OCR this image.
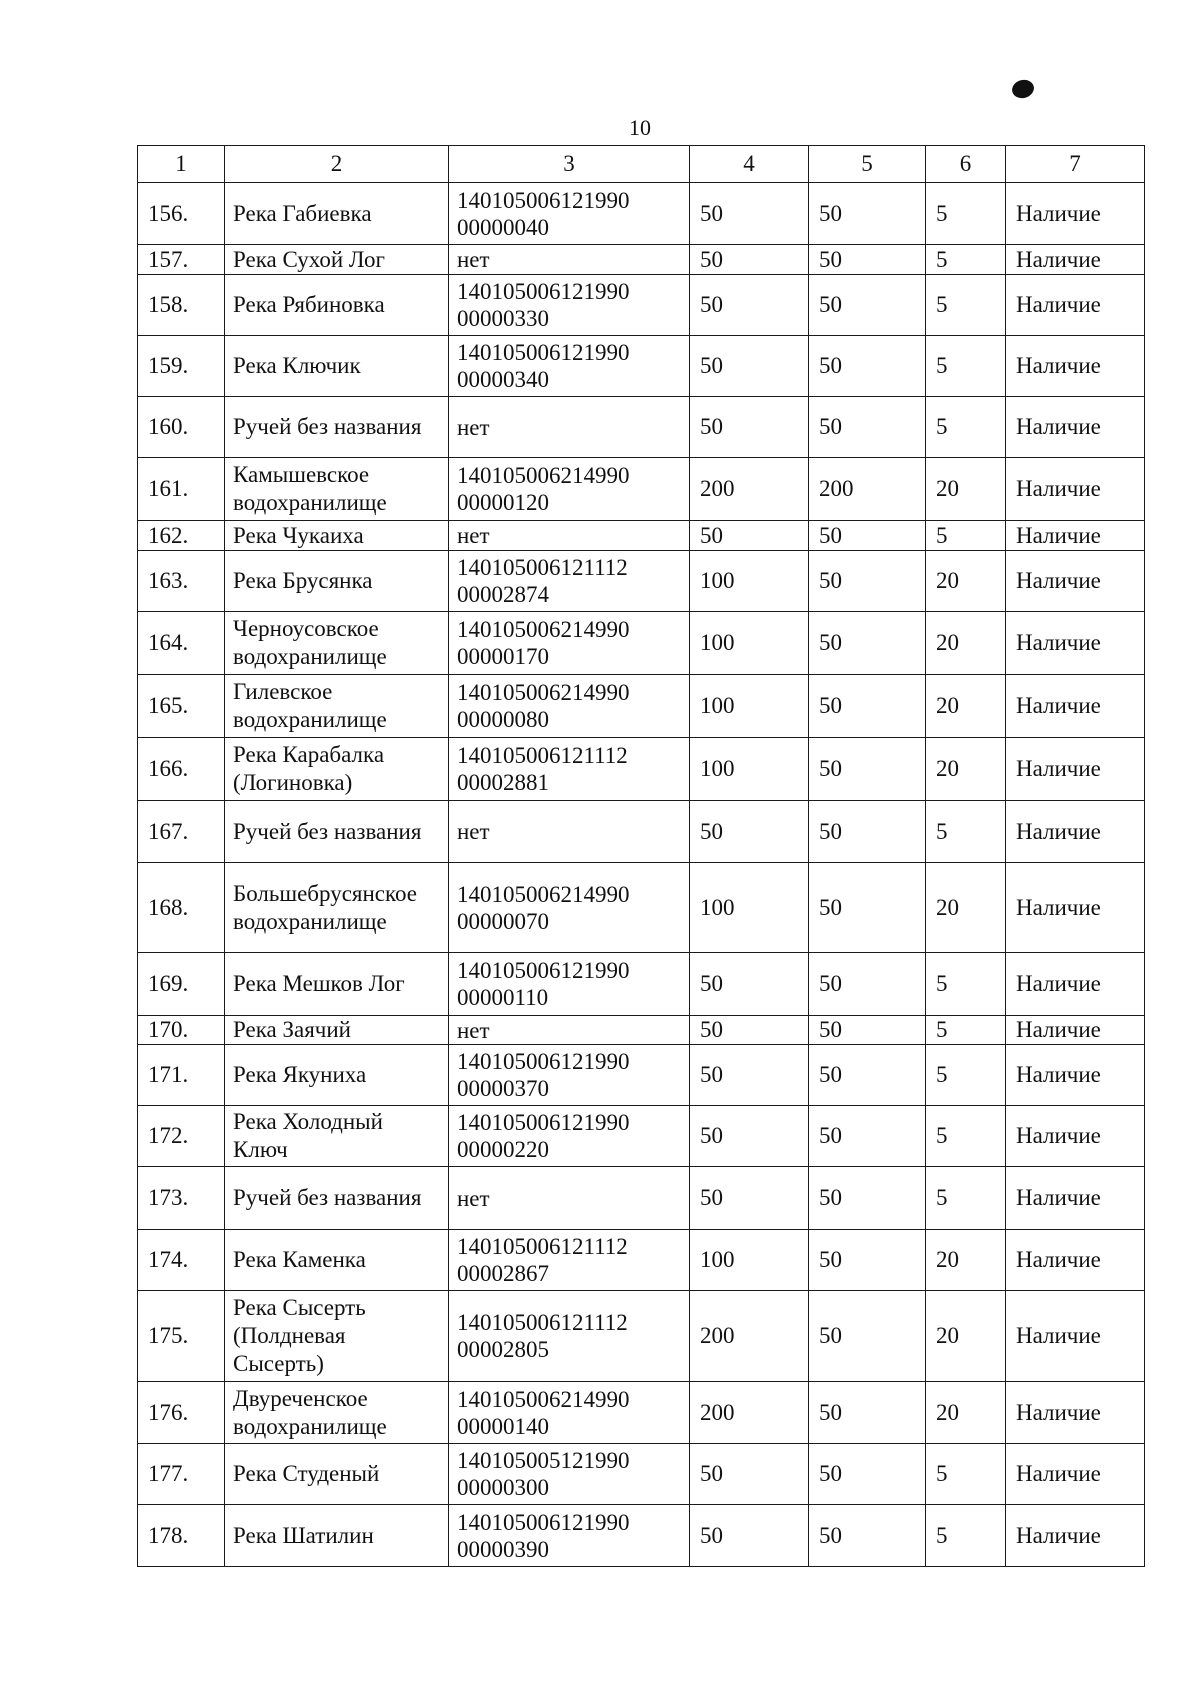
10
1	2	3	4	5	6	7
156.	Река Габиевка	140105006121990 00000040	50	50	5	Наличие
157.	Река Сухой Лог	нет	50	50	5	Наличие
158.	Река Рябиновка	140105006121990 00000330	50	50	5	Наличие
159.	Река Ключик	140105006121990 00000340	50	50	5	Наличие
160.	Ручей без названия	нет	50	50	5	Наличие
161.	Камышевское водохранилище	140105006214990 00000120	200	200	20	Наличие
162.	Река Чукаиха	нет	50	50	5	Наличие
163.	Река Брусянка	140105006121112 00002874	100	50	20	Наличие
164.	Черноусовское водохранилище	140105006214990 00000170	100	50	20	Наличие
165.	Гилевское водохранилище	140105006214990 00000080	100	50	20	Наличие
166.	Река Карабалка (Логиновка)	140105006121112 00002881	100	50	20	Наличие
167.	Ручей без названия	нет	50	50	5	Наличие
168.	Большебрусянское водохранилище	140105006214990 00000070	100	50	20	Наличие
169.	Река Мешков Лог	140105006121990 00000110	50	50	5	Наличие
170.	Река Заячий	нет	50	50	5	Наличие
171.	Река Якуниха	140105006121990 00000370	50	50	5	Наличие
172.	Река Холодный Ключ	140105006121990 00000220	50	50	5	Наличие
173.	Ручей без названия	нет	50	50	5	Наличие
174.	Река Каменка	140105006121112 00002867	100	50	20	Наличие
175.	Река Сысерть (Полдневая Сысерть)	140105006121112 00002805	200	50	20	Наличие
176.	Двуреченское водохранилище	140105006214990 00000140	200	50	20	Наличие
177.	Река Студеный	140105005121990 00000300	50	50	5	Наличие
178.	Река Шатилин	140105006121990 00000390	50	50	5	Наличие
